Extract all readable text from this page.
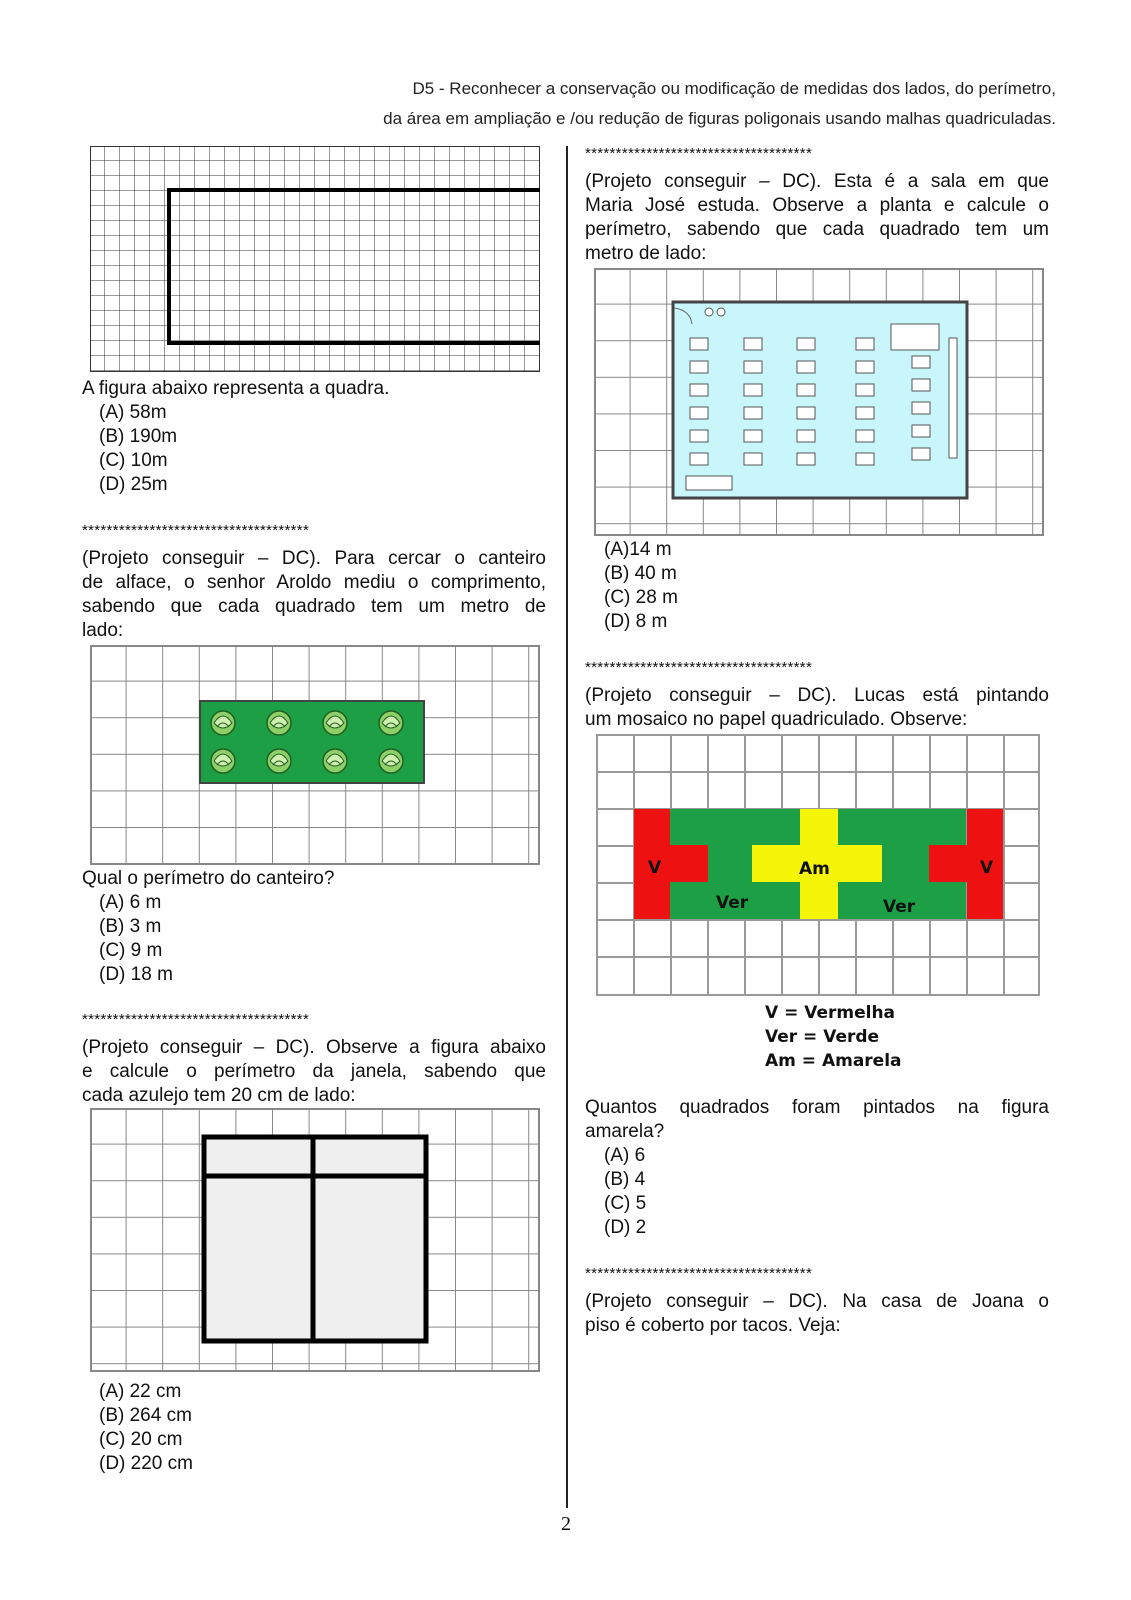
D5 - Reconhecer a conservação ou modificação de medidas dos lados, do perímetro,
da área em ampliação e /ou redução de figuras poligonais usando malhas quadriculadas.
A figura abaixo representa a quadra.
(A) 58m
(B) 190m
(C) 10m
(D) 25m
*************************************
(Projeto conseguir – DC). Para cercar o canteiro
de alface, o senhor Aroldo mediu o comprimento,
sabendo que cada quadrado tem um metro de
lado:
Qual o perímetro do canteiro?
(A) 6 m
(B) 3 m
(C) 9 m
(D) 18 m
*************************************
(Projeto conseguir – DC). Observe a figura abaixo
e calcule o perímetro da janela, sabendo que
cada azulejo tem 20 cm de lado:
(A) 22 cm
(B) 264 cm
(C) 20 cm
(D) 220 cm
*************************************
(Projeto conseguir – DC). Esta é a sala em que
Maria José estuda. Observe a planta e calcule o
perímetro, sabendo que cada quadrado tem um
metro de lado:
(A)14 m
(B) 40 m
(C) 28 m
(D) 8 m
*************************************
(Projeto conseguir – DC). Lucas está pintando
um mosaico no papel quadriculado. Observe:
V	Am	V
Ver	Ver
V = Vermelha
Ver = Verde
Am = Amarela
Quantos quadrados foram pintados na figura
amarela?
(A) 6
(B) 4
(C) 5
(D) 2
*************************************
(Projeto conseguir – DC). Na casa de Joana o
piso é coberto por tacos. Veja:
2
